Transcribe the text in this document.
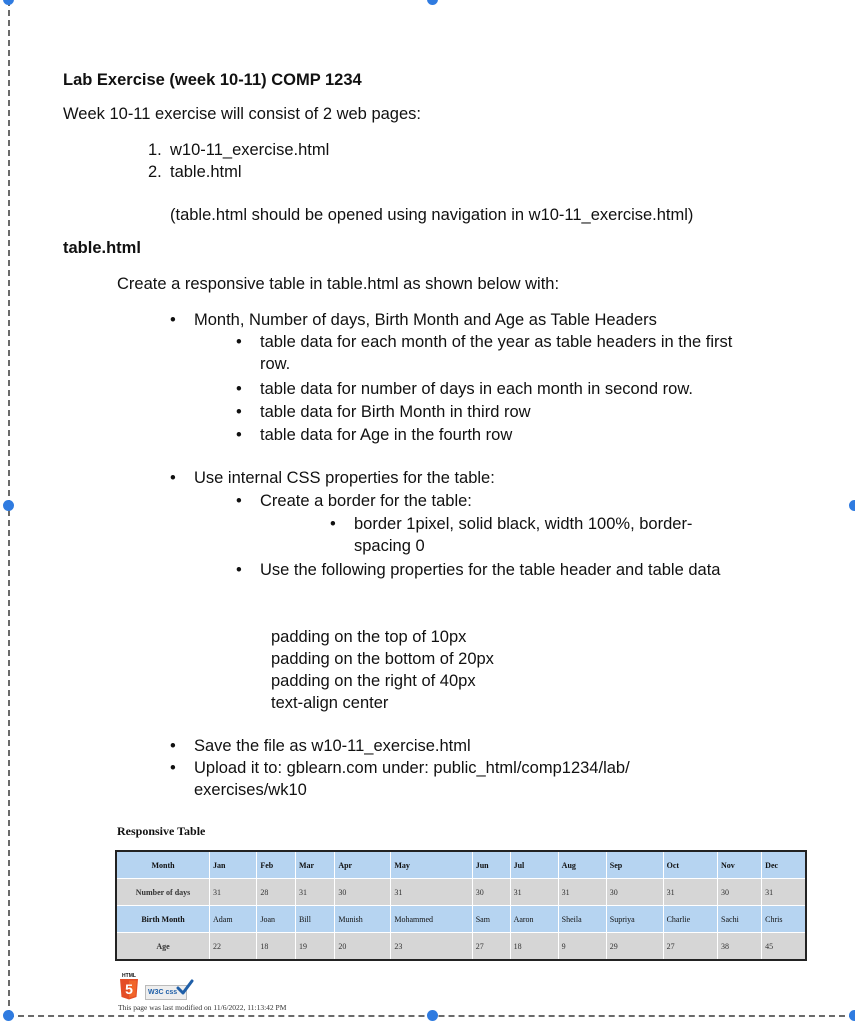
Lab Exercise (week 10-11) COMP 1234
Week 10-11 exercise will consist of 2 web pages:
1. w10-11_exercise.html
2. table.html
(table.html should be opened using navigation in w10-11_exercise.html)
table.html
Create a responsive table in table.html as shown below with:
• Month, Number of days, Birth Month and Age as Table Headers
• table data for each month of the year as table headers in the first row.
• table data for number of days in each month in second row.
• table data for Birth Month in third row
• table data for Age in the fourth row
• Use internal CSS properties for the table:
• Create a border for the table:
• border 1pixel, solid black, width 100%, border-spacing 0
• Use the following properties for the table header and table data
padding on the top of 10px
padding on the bottom of 20px
padding on the right of 40px
text-align center
• Save the file as w10-11_exercise.html
• Upload it to: gblearn.com under: public_html/comp1234/lab/ exercises/wk10
Responsive Table
Month	Jan	Feb	Mar	Apr	May	Jun	Jul	Aug	Sep	Oct	Nov	Dec
Number of days	31	28	31	30	31	30	31	31	30	31	30	31
Birth Month	Adam	Joan	Bill	Munish	Mohammed	Sam	Aaron	Sheila	Supriya	Charlie	Sachi	Chris
Age	22	18	19	20	23	27	18	9	29	27	38	45
HTML
5	W3C css
This page was last modified on 11/6/2022, 11:13:42 PM
